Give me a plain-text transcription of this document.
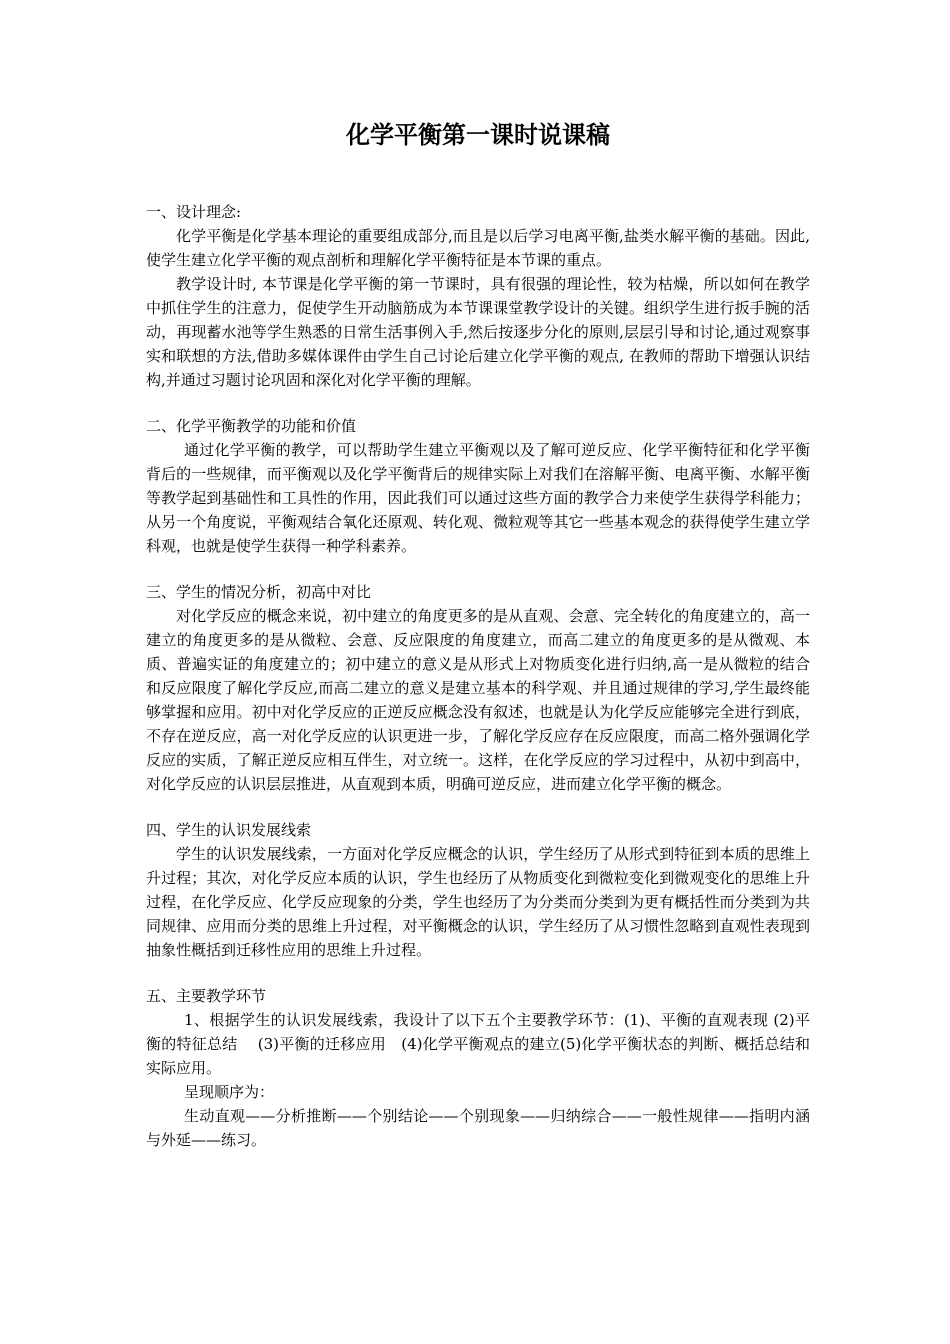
化学平衡第一课时说课稿

一、设计理念:

化学平衡是化学基本理论的重要组成部分,而且是以后学习电离平衡,盐类水解平衡的基础。因此,使学生建立化学平衡的观点剖析和理解化学平衡特征是本节课的重点。

教学设计时, 本节课是化学平衡的第一节课时，具有很强的理论性，较为枯燥，所以如何在教学中抓住学生的注意力，促使学生开动脑筋成为本节课课堂教学设计的关键。组织学生进行扳手腕的活动，再现蓄水池等学生熟悉的日常生活事例入手,然后按逐步分化的原则,层层引导和讨论,通过观察事实和联想的方法,借助多媒体课件由学生自己讨论后建立化学平衡的观点, 在教师的帮助下增强认识结构,并通过习题讨论巩固和深化对化学平衡的理解。

二、化学平衡教学的功能和价值

通过化学平衡的教学，可以帮助学生建立平衡观以及了解可逆反应、化学平衡特征和化学平衡背后的一些规律，而平衡观以及化学平衡背后的规律实际上对我们在溶解平衡、电离平衡、水解平衡等教学起到基础性和工具性的作用，因此我们可以通过这些方面的教学合力来使学生获得学科能力；从另一个角度说，平衡观结合氧化还原观、转化观、微粒观等其它一些基本观念的获得使学生建立学科观，也就是使学生获得一种学科素养。

三、学生的情况分析，初高中对比

对化学反应的概念来说，初中建立的角度更多的是从直观、会意、完全转化的角度建立的，高一建立的角度更多的是从微粒、会意、反应限度的角度建立，而高二建立的角度更多的是从微观、本质、普遍实证的角度建立的；初中建立的意义是从形式上对物质变化进行归纳,高一是从微粒的结合和反应限度了解化学反应,而高二建立的意义是建立基本的科学观、并且通过规律的学习,学生最终能够掌握和应用。初中对化学反应的正逆反应概念没有叙述，也就是认为化学反应能够完全进行到底，不存在逆反应，高一对化学反应的认识更进一步，了解化学反应存在反应限度，而高二格外强调化学反应的实质，了解正逆反应相互伴生，对立统一。这样，在化学反应的学习过程中，从初中到高中，对化学反应的认识层层推进，从直观到本质，明确可逆反应，进而建立化学平衡的概念。

四、学生的认识发展线索

学生的认识发展线索，一方面对化学反应概念的认识，学生经历了从形式到特征到本质的思维上升过程；其次，对化学反应本质的认识，学生也经历了从物质变化到微粒变化到微观变化的思维上升过程，在化学反应、化学反应现象的分类，学生也经历了为分类而分类到为更有概括性而分类到为共同规律、应用而分类的思维上升过程，对平衡概念的认识，学生经历了从习惯性忽略到直观性表现到抽象性概括到迁移性应用的思维上升过程。

五、主要教学环节

1、根据学生的认识发展线索，我设计了以下五个主要教学环节：(1)、平衡的直观表现 (2)平衡的特征总结　 (3)平衡的迁移应用　(4)化学平衡观点的建立(5)化学平衡状态的判断、概括总结和实际应用。

呈现顺序为：

生动直观——分析推断——个别结论——个别现象——归纳综合——一般性规律——指明内涵与外延——练习。
